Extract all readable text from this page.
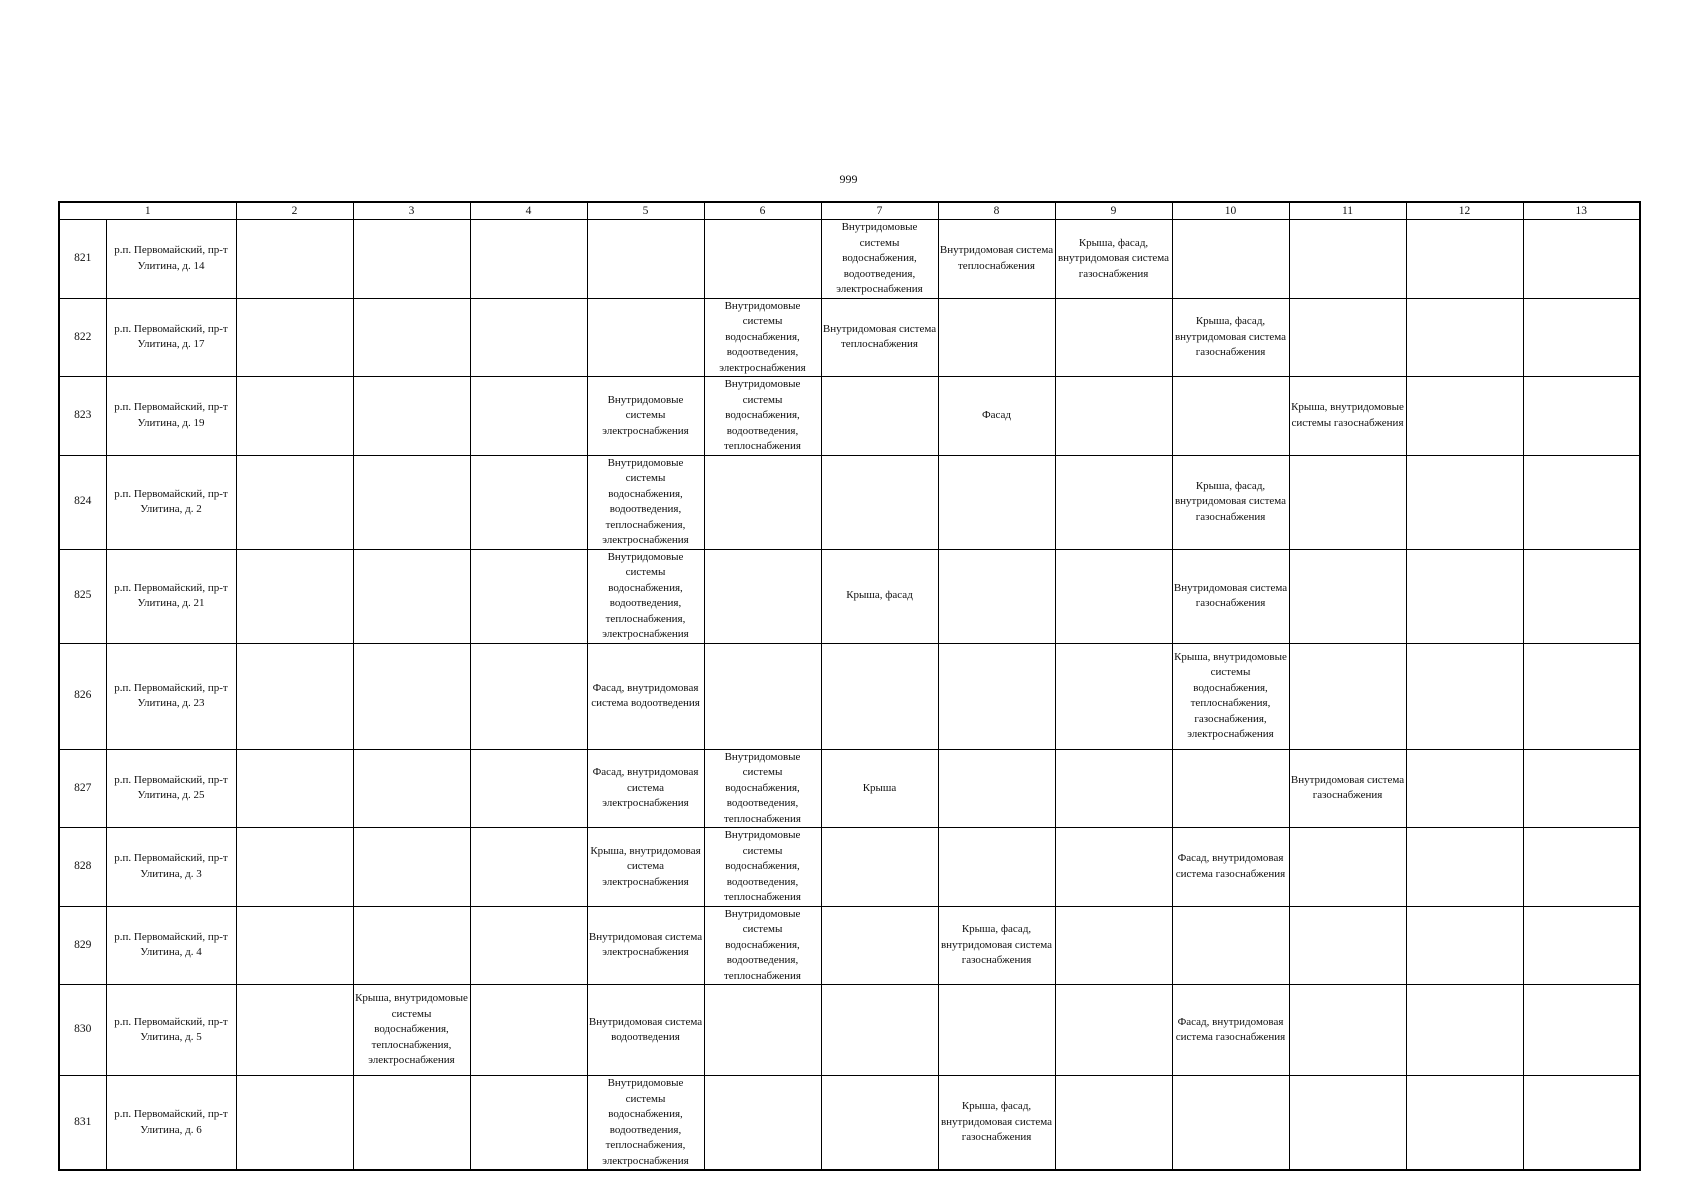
999
1		2	3	4	5	6	7	8	9	10	11	12	13
821	р.п. Первомайский, пр-т Улитина, д. 14						Внутридомовые системы водоснабжения, водоотведения, электроснабжения	Внутридомовая система теплоснабжения	Крыша, фасад, внутридомовая система газоснабжения				
822	р.п. Первомайский, пр-т Улитина, д. 17					Внутридомовые системы водоснабжения, водоотведения, электроснабжения	Внутридомовая система теплоснабжения			Крыша, фасад, внутридомовая система газоснабжения			
823	р.п. Первомайский, пр-т Улитина, д. 19				Внутридомовые системы электроснабжения	Внутридомовые системы водоснабжения, водоотведения, теплоснабжения		Фасад			Крыша, внутридомовые системы газоснабжения		
824	р.п. Первомайский, пр-т Улитина, д. 2				Внутридомовые системы водоснабжения, водоотведения, теплоснабжения, электроснабжения					Крыша, фасад, внутридомовая система газоснабжения			
825	р.п. Первомайский, пр-т Улитина, д. 21				Внутридомовые системы водоснабжения, водоотведения, теплоснабжения, электроснабжения		Крыша, фасад			Внутридомовая система газоснабжения			
826	р.п. Первомайский, пр-т Улитина, д. 23				Фасад, внутридомовая система водоотведения					Крыша, внутридомовые системы водоснабжения, теплоснабжения, газоснабжения, электроснабжения			
827	р.п. Первомайский, пр-т Улитина, д. 25				Фасад, внутридомовая система электроснабжения	Внутридомовые системы водоснабжения, водоотведения, теплоснабжения	Крыша				Внутридомовая система газоснабжения		
828	р.п. Первомайский, пр-т Улитина, д. 3				Крыша, внутридомовая система электроснабжения	Внутридомовые системы водоснабжения, водоотведения, теплоснабжения				Фасад, внутридомовая система газоснабжения			
829	р.п. Первомайский, пр-т Улитина, д. 4				Внутридомовая система электроснабжения	Внутридомовые системы водоснабжения, водоотведения, теплоснабжения		Крыша, фасад, внутридомовая система газоснабжения					
830	р.п. Первомайский, пр-т Улитина, д. 5		Крыша, внутридомовые системы водоснабжения, теплоснабжения, электроснабжения		Внутридомовая система водоотведения					Фасад, внутридомовая система газоснабжения			
831	р.п. Первомайский, пр-т Улитина, д. 6				Внутридомовые системы водоснабжения, водоотведения, теплоснабжения, электроснабжения			Крыша, фасад, внутридомовая система газоснабжения					
